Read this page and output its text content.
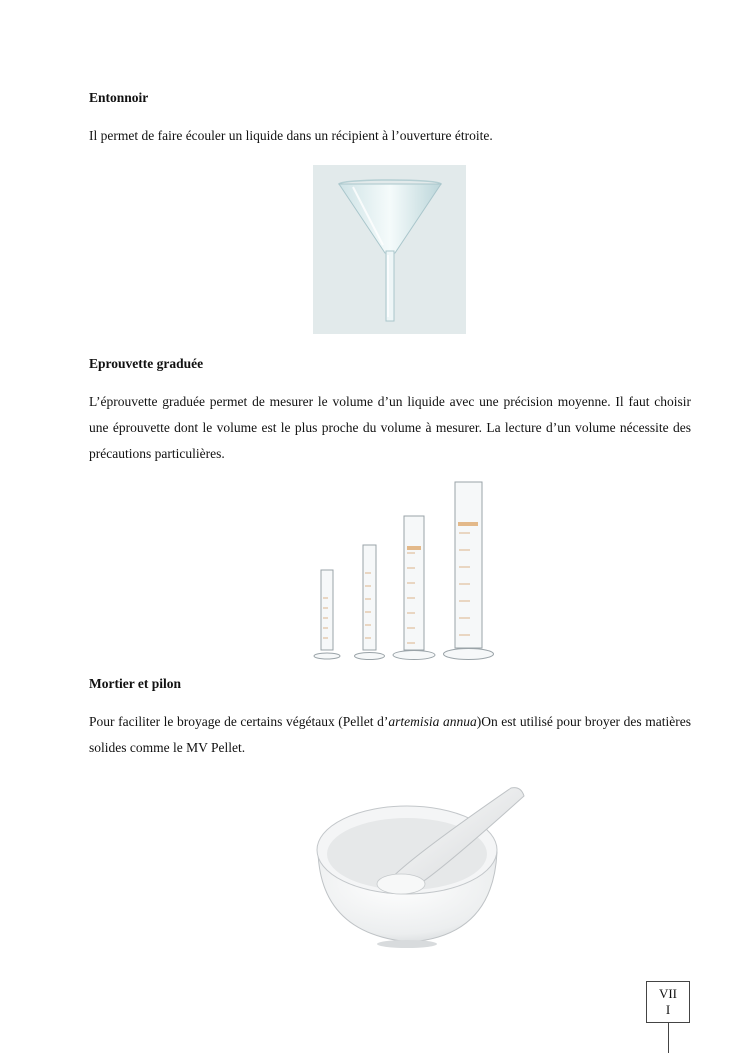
Entonnoir

Il permet de faire écouler un liquide dans un récipient à l’ouverture étroite.

Eprouvette graduée

L’éprouvette graduée permet de mesurer le volume d’un liquide avec une précision moyenne. Il faut choisir une éprouvette dont le volume est le plus proche du volume à mesurer. La lecture d’un volume nécessite des précautions particulières.

Mortier et pilon

Pour faciliter le broyage de certains végétaux (Pellet d’artemisia annua)On est utilisé pour broyer des matières solides comme le MV Pellet.

VII
I
